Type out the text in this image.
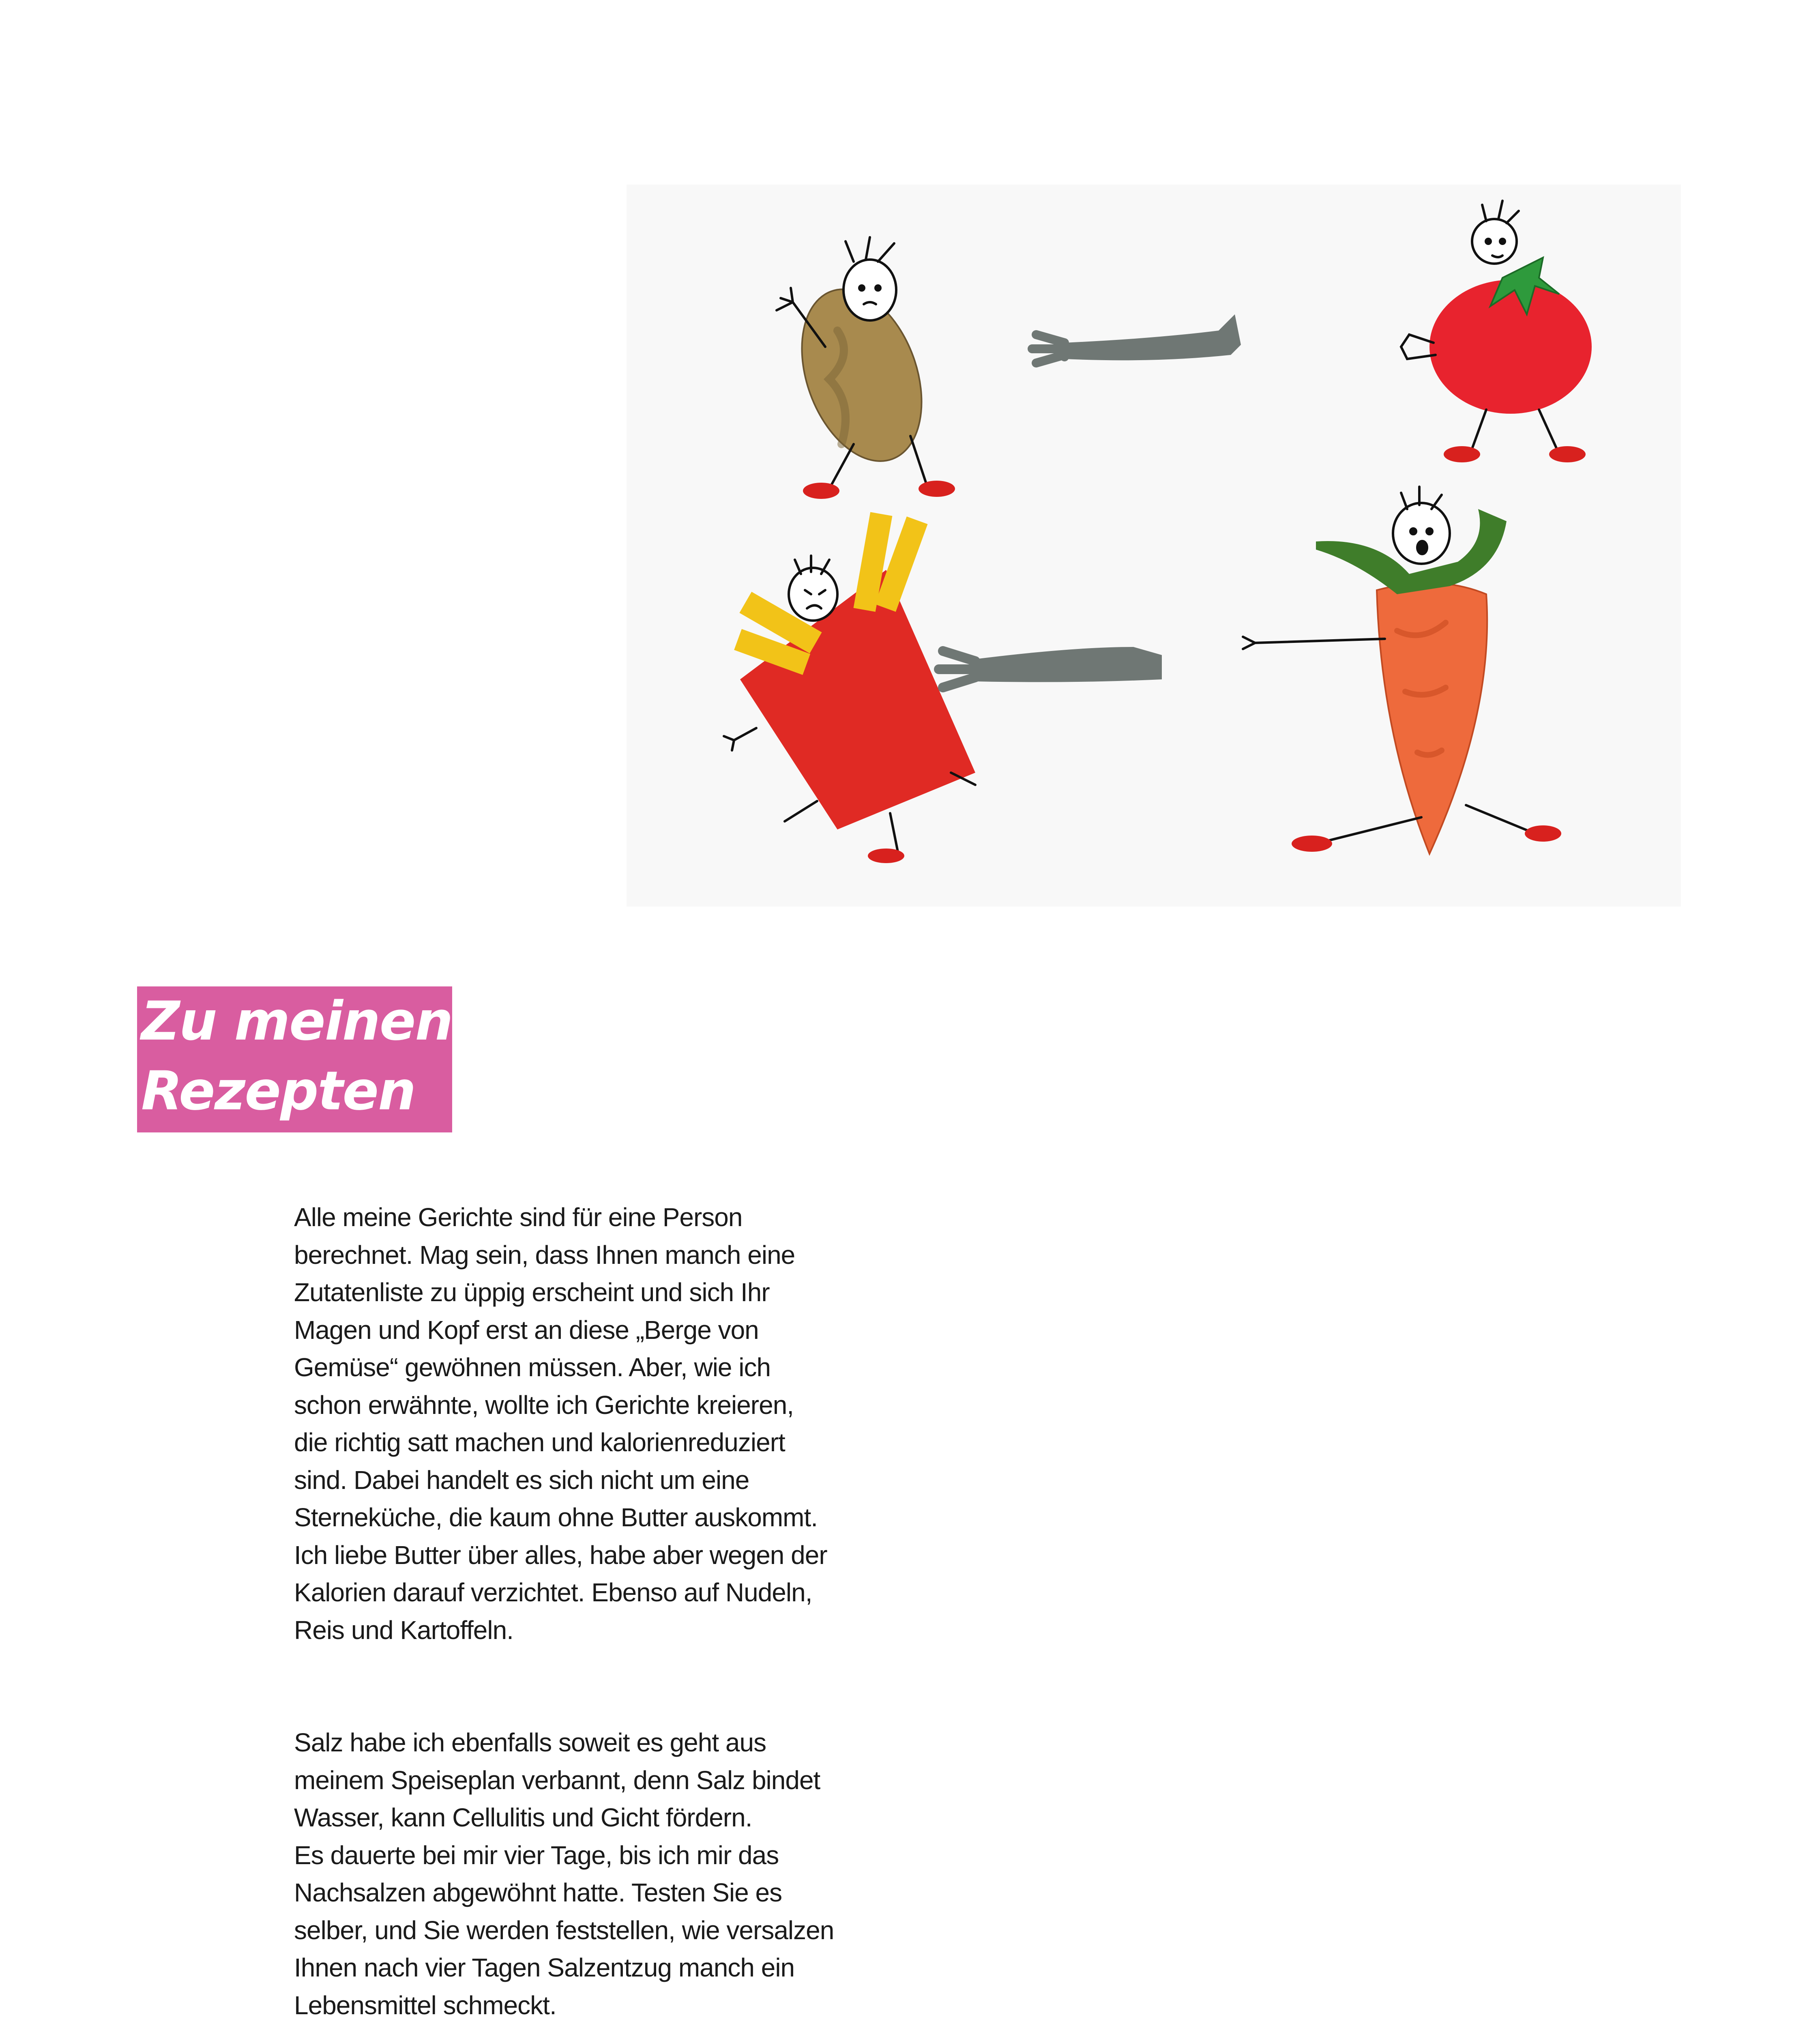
Zu meinen
Rezepten
Alle meine Gerichte sind für eine Person
berechnet. Mag sein, dass Ihnen manch eine
Zutatenliste zu üppig erscheint und sich Ihr
Magen und Kopf erst an diese „Berge von
Gemüse“ gewöhnen müssen. Aber, wie ich
schon erwähnte, wollte ich Gerichte kreieren,
die richtig satt machen und kalorienreduziert
sind. Dabei handelt es sich nicht um eine
Sterneküche, die kaum ohne Butter auskommt.
Ich liebe Butter über alles, habe aber wegen der
Kalorien darauf verzichtet. Ebenso auf Nudeln,
Reis und Kartoffeln.
Salz habe ich ebenfalls soweit es geht aus
meinem Speiseplan verbannt, denn Salz bindet
Wasser, kann Cellulitis und Gicht fördern.
Es dauerte bei mir vier Tage, bis ich mir das
Nachsalzen abgewöhnt hatte. Testen Sie es
selber, und Sie werden feststellen, wie versalzen
Ihnen nach vier Tagen Salzentzug manch ein
Lebensmittel schmeckt.
